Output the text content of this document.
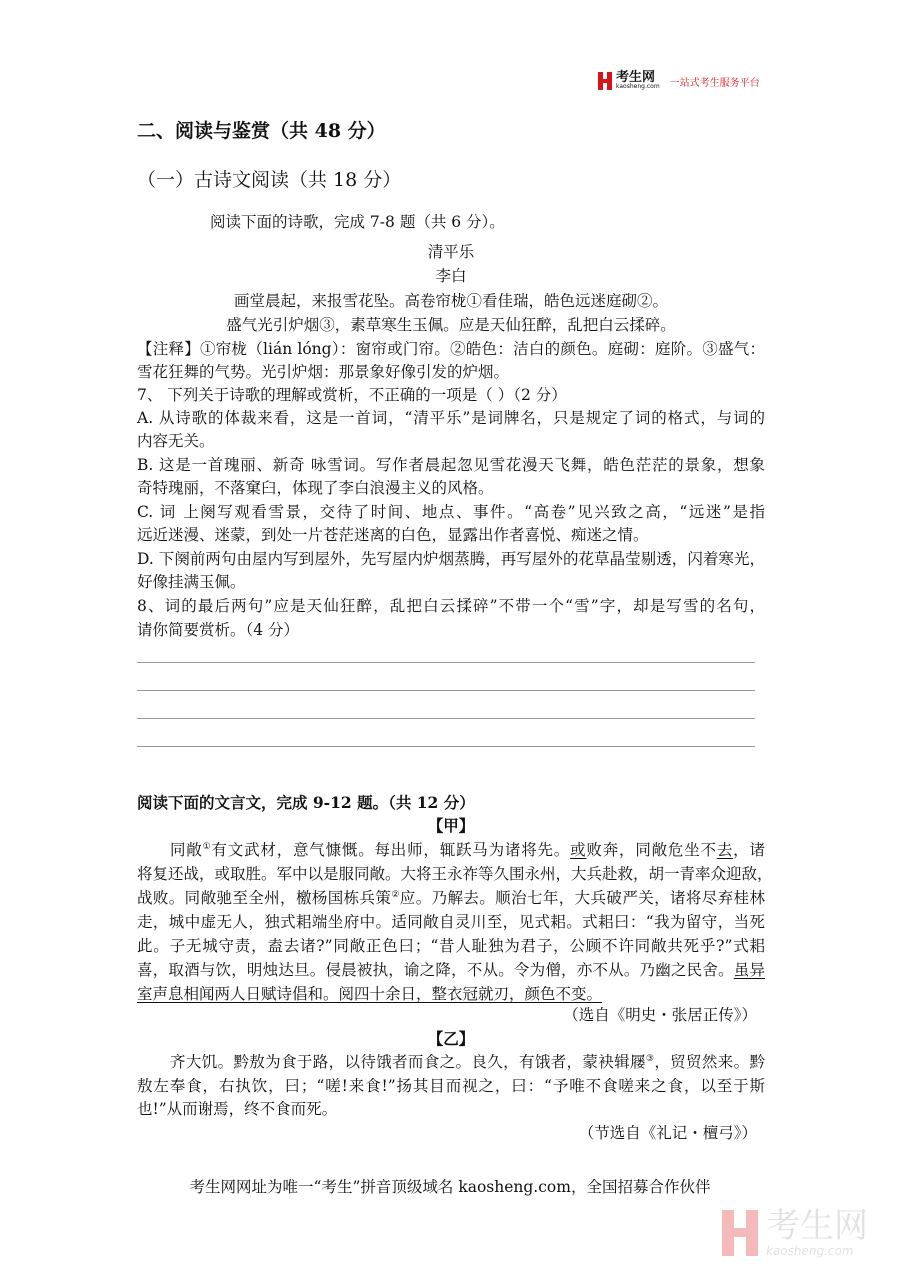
考生网
kaosheng.com 一站式考生服务平台
二、阅读与鉴赏（共 48 分）
（一）古诗文阅读（共 18 分）
阅读下面的诗歌，完成 7-8 题（共 6 分）。
清平乐
李白
画堂晨起，来报雪花坠。高卷帘栊①看佳瑞，皓色远迷庭砌②。
盛气光引炉烟③，素草寒生玉佩。应是天仙狂醉，乱把白云揉碎。
【注释】①帘栊（lián lóng）：窗帘或门帘。②皓色：洁白的颜色。庭砌：庭阶。③盛气：
雪花狂舞的气势。光引炉烟：那景象好像引发的炉烟。
7、 下列关于诗歌的理解或赏析，不正确的一项是（ ）（2 分）
A. 从诗歌的体裁来看，这是一首词，“清平乐”是词牌名，只是规定了词的格式，与词的
内容无关。
B. 这是一首瑰丽、新奇 咏雪词。写作者晨起忽见雪花漫天飞舞，皓色茫茫的景象，想象
奇特瑰丽，不落窠臼，体现了李白浪漫主义的风格。
C. 词 上阕写观看雪景，交待了时间、地点、事件。“高卷”见兴致之高，“远迷”是指
远近迷漫、迷蒙，到处一片苍茫迷离的白色，显露出作者喜悦、痴迷之情。
D. 下阕前两句由屋内写到屋外，先写屋内炉烟蒸腾，再写屋外的花草晶莹剔透，闪着寒光，
好像挂满玉佩。
8、词的最后两句”应是天仙狂醉，乱把白云揉碎”不带一个“雪”字，却是写雪的名句，
请你简要赏析。（4 分）
阅读下面的文言文，完成 9-12 题。（共 12 分）
【甲】
同敞①有文武材，意气慷慨。每出师，辄跃马为诸将先。或败奔，同敞危坐不去，诸
将复还战，或取胜。军中以是服同敞。大将王永祚等久围永州，大兵赴救，胡一青率众迎敌，
战败。同敞驰至全州，檄杨国栋兵策②应。乃解去。顺治七年，大兵破严关，诸将尽弃桂林
走，城中虚无人，独式耜端坐府中。适同敞自灵川至，见式耜。式耜曰：“我为留守，当死
此。子无城守责，盍去诸?”同敞正色曰；“昔人耻独为君子，公顾不许同敞共死乎?”式耜
喜，取酒与饮，明烛达旦。侵晨被执，谕之降，不从。令为僧，亦不从。乃幽之民舍。虽异
室声息相闻两人日赋诗倡和。阅四十余日，整衣冠就刃，颜色不变。
（选自《明史・张居正传》）
【乙】
齐大饥。黔敖为食于路，以待饿者而食之。良久，有饿者，蒙袂辑屦③，贸贸然来。黔
敖左奉食，右执饮，曰；“嗟!来食!”扬其目而视之，曰：“予唯不食嗟来之食，以至于斯
也!”从而谢焉，终不食而死。
（节选自《礼记・檀弓》）
考生网网址为唯一“考生”拼音顶级域名 kaosheng.com，全国招募合作伙伴
考生网
kaosheng.com
